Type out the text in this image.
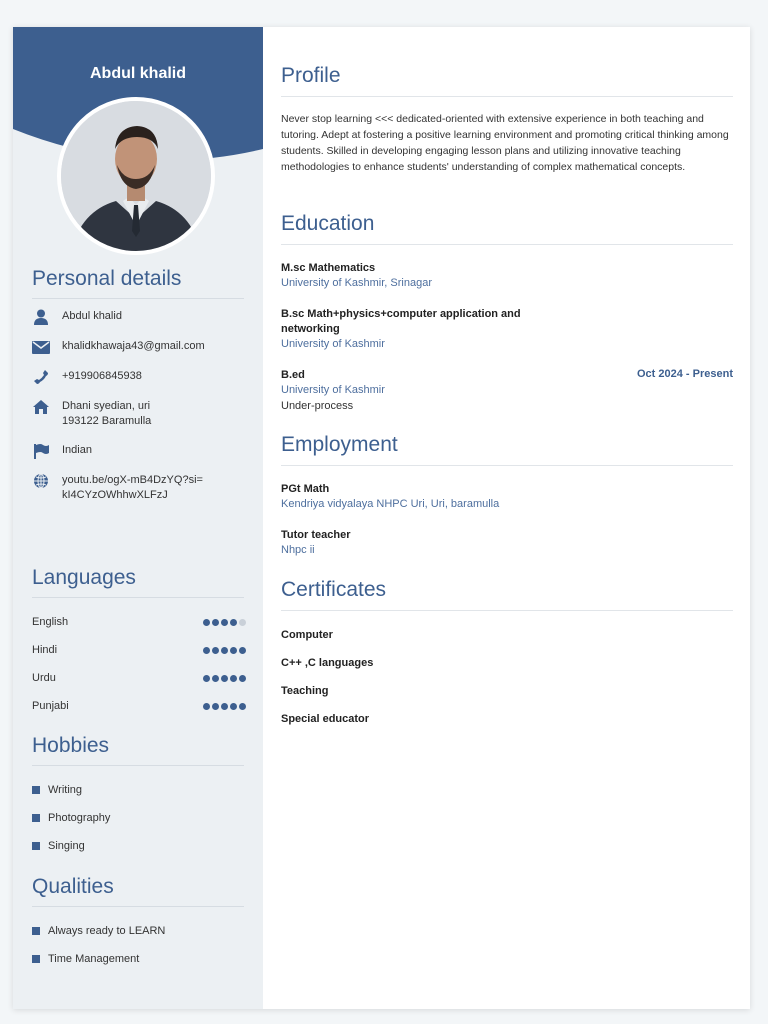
Abdul khalid
Personal details
Abdul khalid
khalidkhawaja43@gmail.com
+919906845938
Dhani syedian, uri
193122 Baramulla
Indian
youtu.be/ogX-mB4DzYQ?si=
kI4CYzOWhhwXLFzJ
Languages
English
Hindi
Urdu
Punjabi
Hobbies
Writing
Photography
Singing
Qualities
Always ready to LEARN
Time Management
Profile
Never stop learning <<< dedicated-oriented with extensive experience in both teaching and tutoring. Adept at fostering a positive learning environment and promoting critical thinking among students. Skilled in developing engaging lesson plans and utilizing innovative teaching methodologies to enhance students' understanding of complex mathematical concepts.
Education
M.sc Mathematics
University of Kashmir, Srinagar
B.sc Math+physics+computer application and networking
University of Kashmir
B.ed	Oct 2024 - Present
University of Kashmir
Under-process
Employment
PGt Math
Kendriya vidyalaya NHPC Uri, Uri, baramulla
Tutor teacher
Nhpc ii
Certificates
Computer
C++ ,C languages
Teaching
Special educator
